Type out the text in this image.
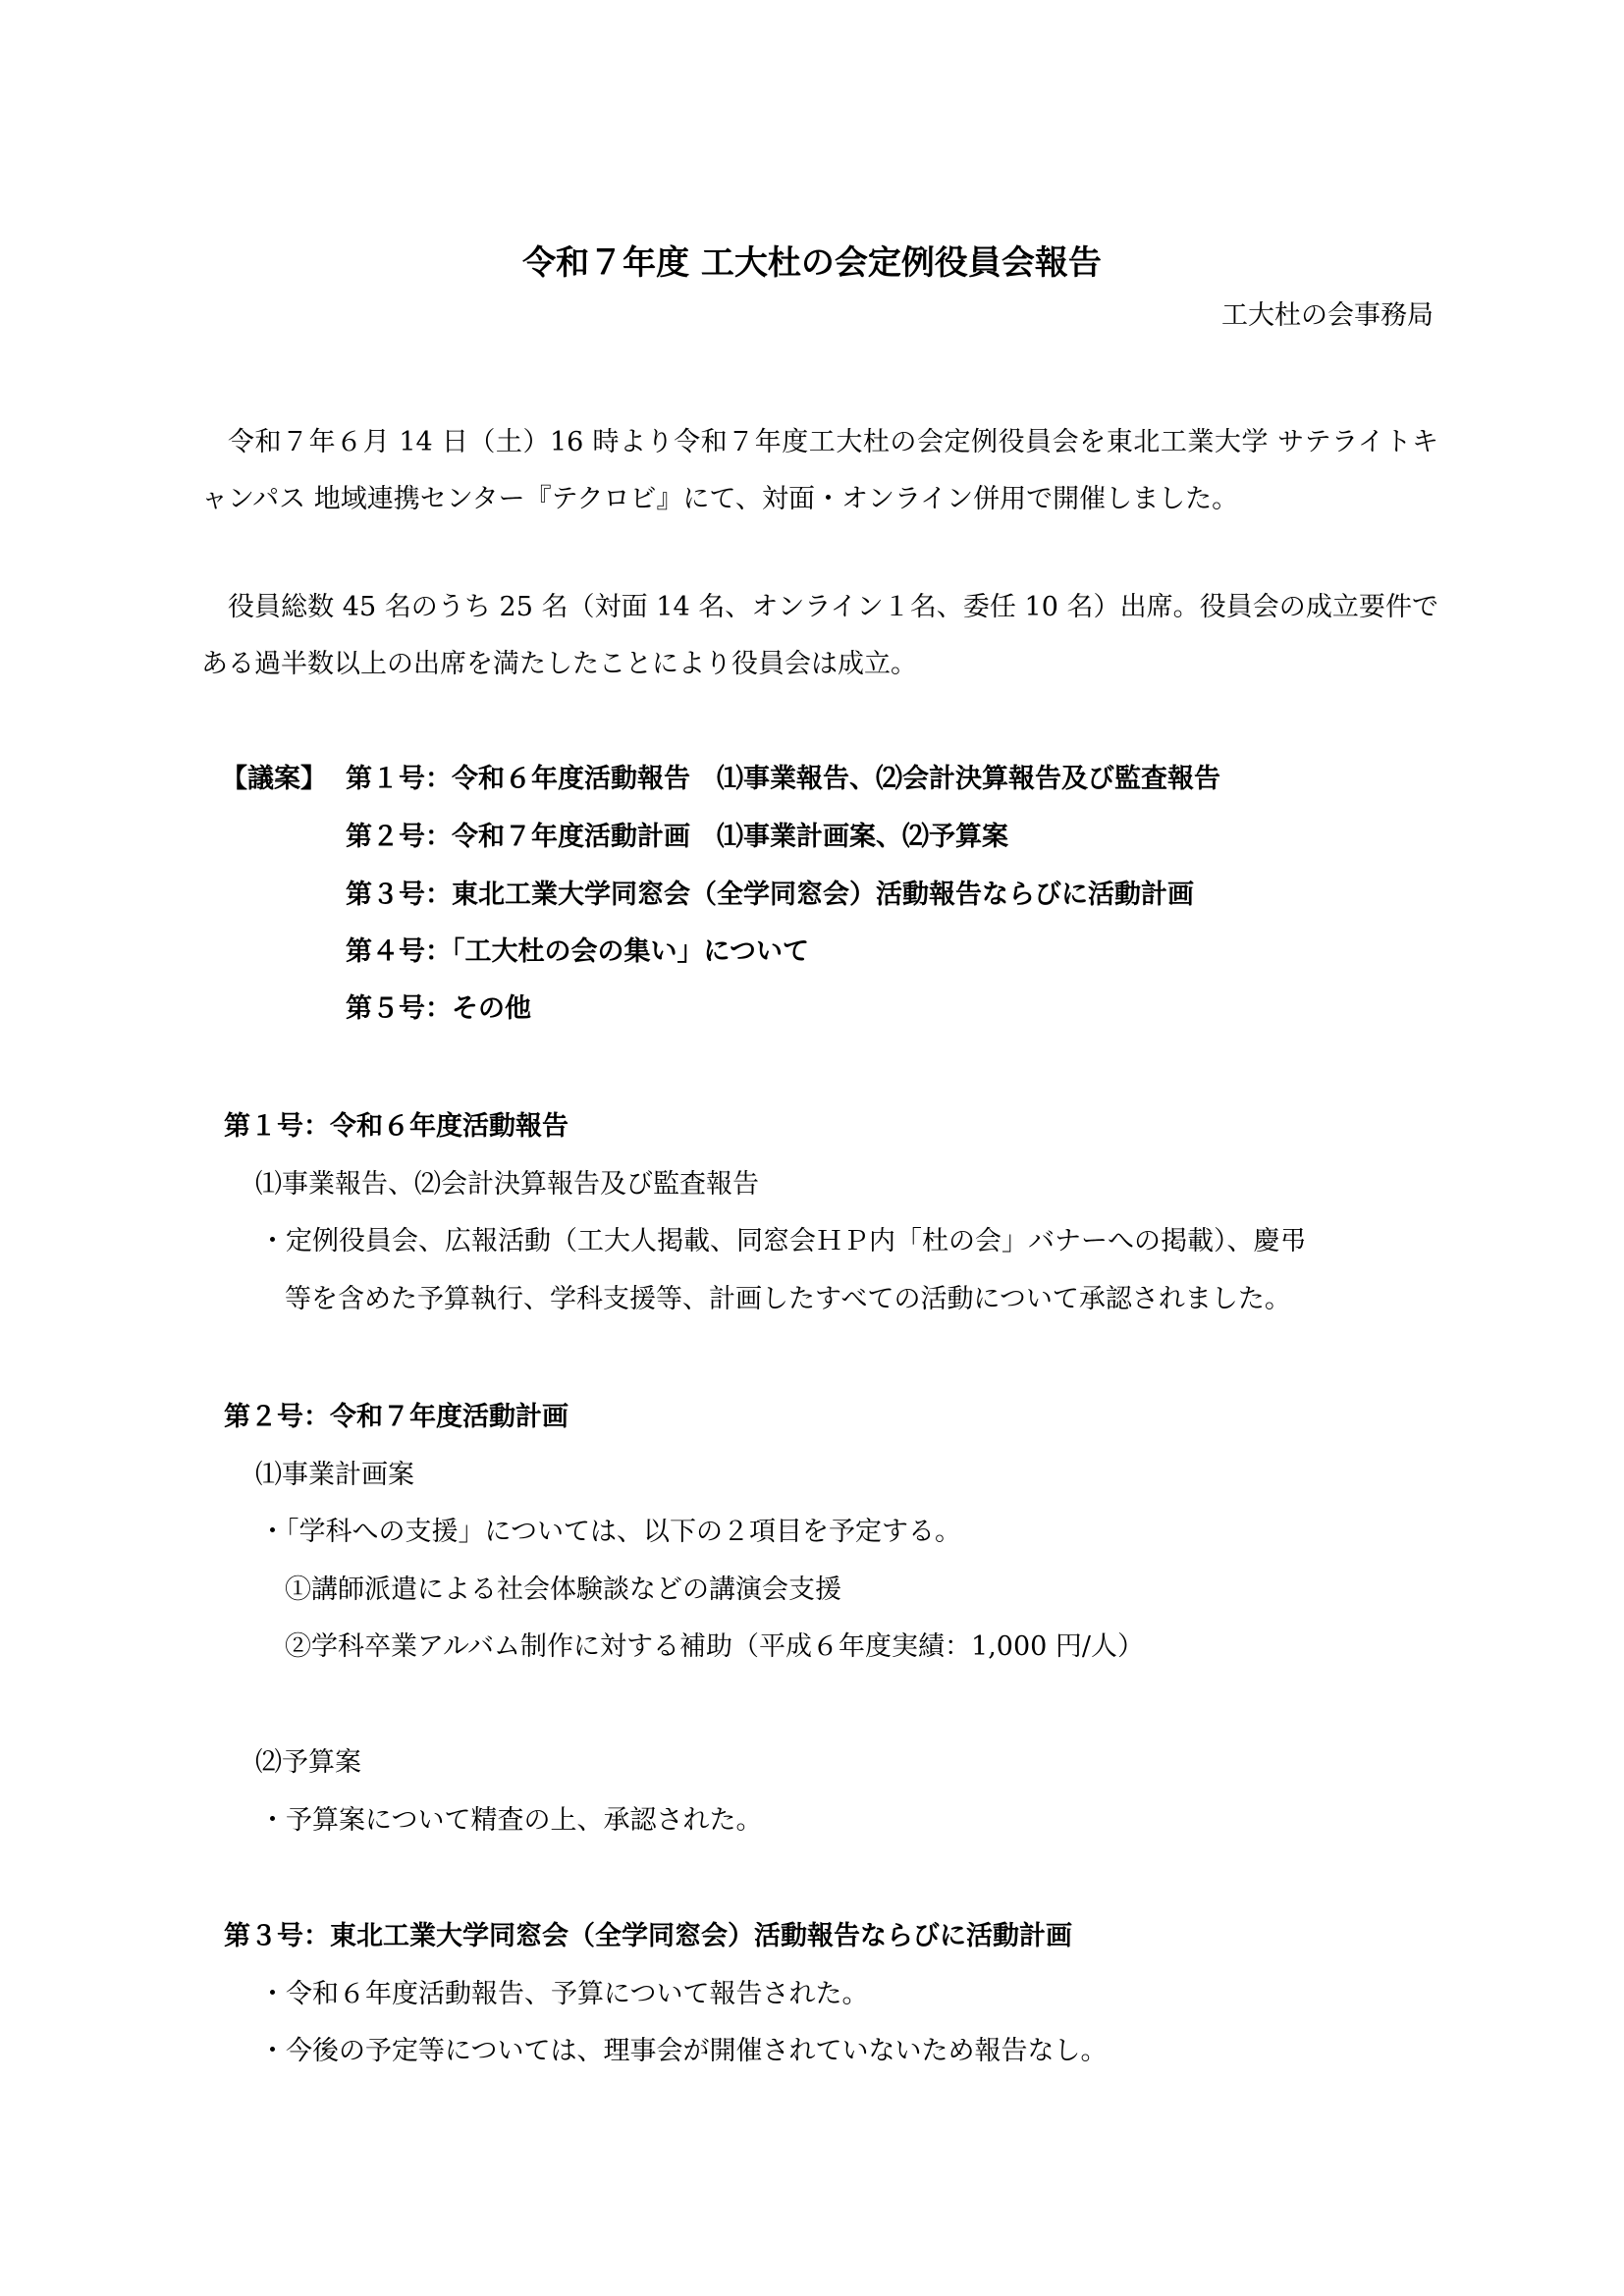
令和７年度 工大杜の会定例役員会報告
工大杜の会事務局

令和７年６月 14 日（土）16 時より令和７年度工大杜の会定例役員会を東北工業大学 サテライトキャンパス 地域連携センター『テクロビ』にて、対面・オンライン併用で開催しました。

役員総数 45 名のうち 25 名（対面 14 名、オンライン１名、委任 10 名）出席。役員会の成立要件である過半数以上の出席を満たしたことにより役員会は成立。

【議案】 第１号：令和６年度活動報告　⑴事業報告、⑵会計決算報告及び監査報告
第２号：令和７年度活動計画　⑴事業計画案、⑵予算案
第３号：東北工業大学同窓会（全学同窓会）活動報告ならびに活動計画
第４号：「工大杜の会の集い」について
第５号：その他
第１号：令和６年度活動報告
⑴事業報告、⑵会計決算報告及び監査報告
・定例役員会、広報活動（工大人掲載、同窓会ＨＰ内「杜の会」バナーへの掲載）、慶弔
等を含めた予算執行、学科支援等、計画したすべての活動について承認されました。
第２号：令和７年度活動計画
⑴事業計画案
・「学科への支援」については、以下の２項目を予定する。
①講師派遣による社会体験談などの講演会支援
②学科卒業アルバム制作に対する補助（平成６年度実績：1,000 円/人）
⑵予算案
・予算案について精査の上、承認された。
第３号：東北工業大学同窓会（全学同窓会）活動報告ならびに活動計画
・令和６年度活動報告、予算について報告された。
・今後の予定等については、理事会が開催されていないため報告なし。
